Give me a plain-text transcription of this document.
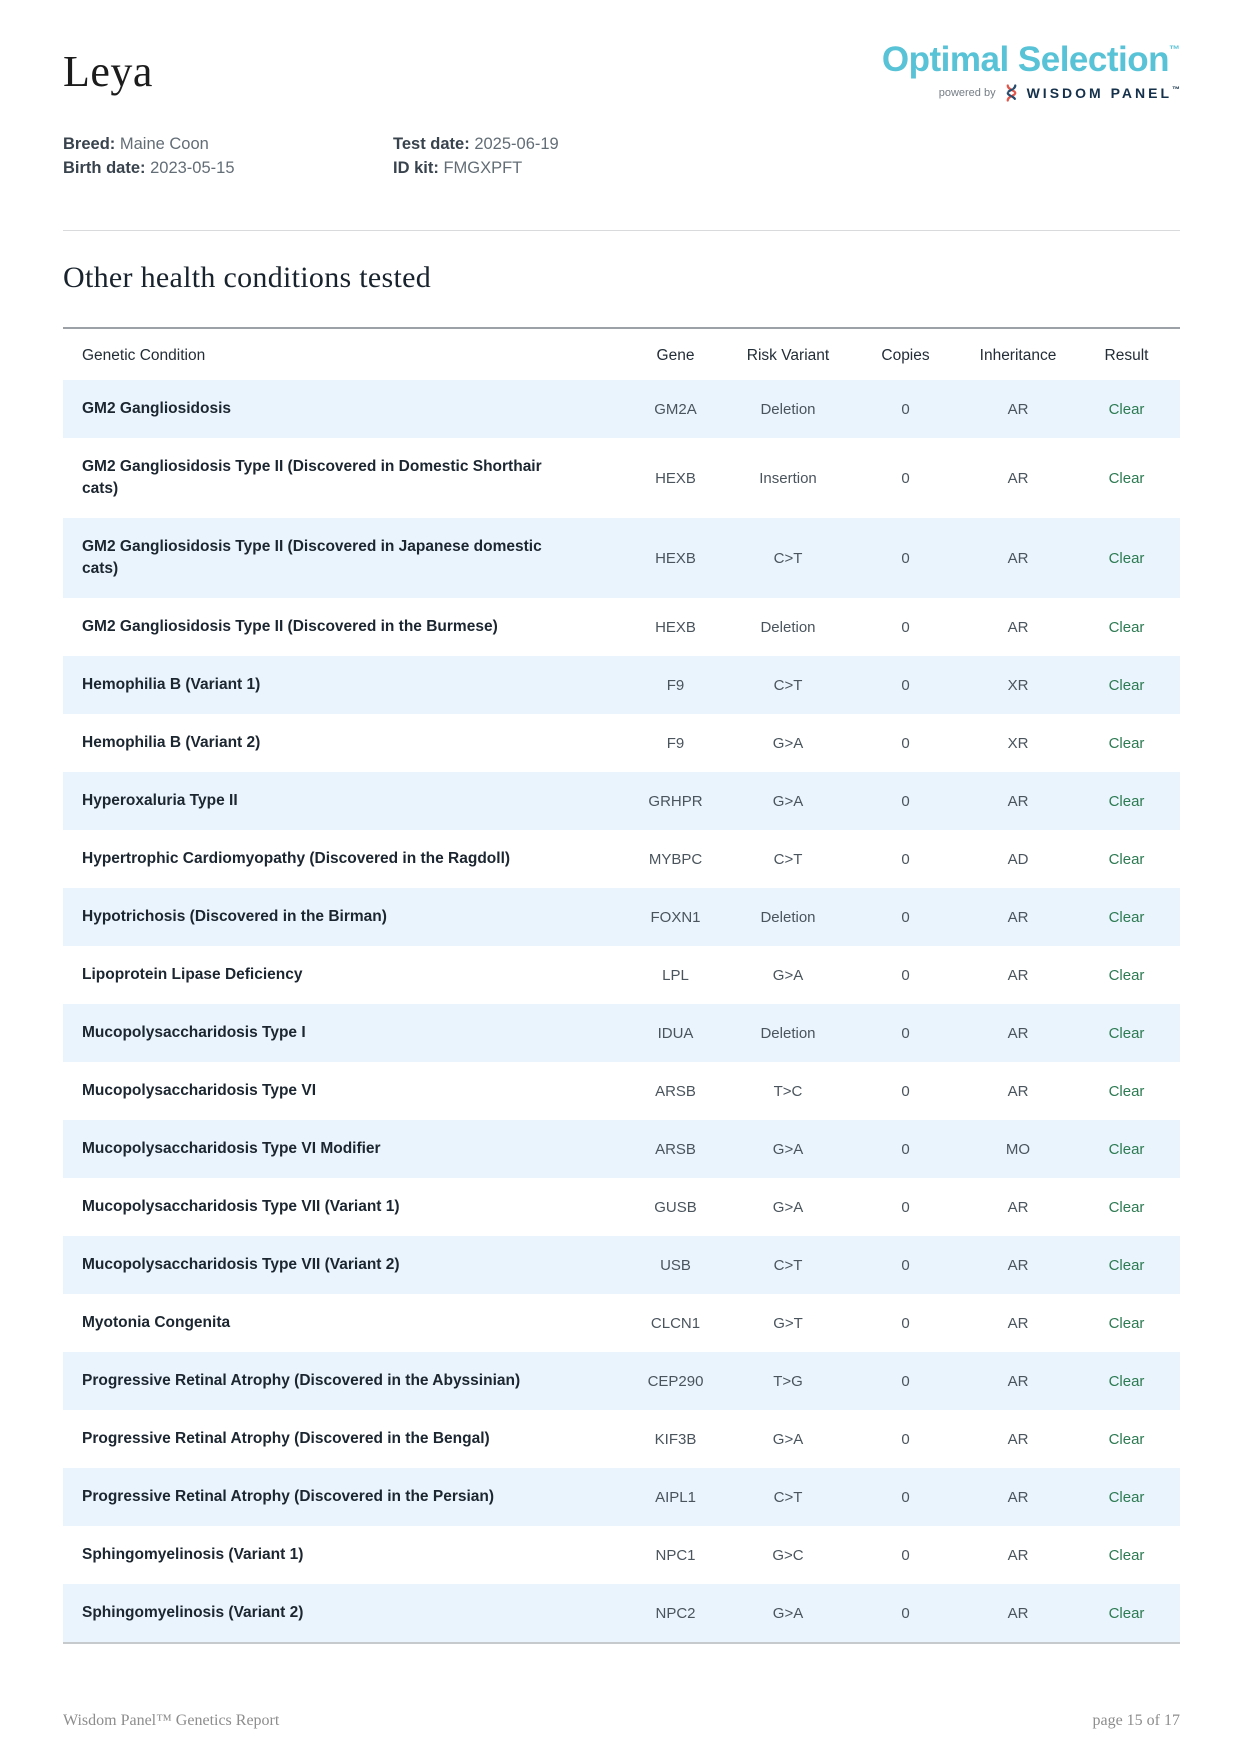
Leya	Optimal Selection™
powered by WISDOM PANEL™
Breed: Maine Coon
Birth date: 2023-05-15
Test date: 2025-06-19
ID kit: FMGXPFT
Other health conditions tested
Genetic Condition	Gene	Risk Variant	Copies	Inheritance	Result
GM2 Gangliosidosis	GM2A	Deletion	0	AR	Clear
GM2 Gangliosidosis Type II (Discovered in Domestic Shorthair cats)	HEXB	Insertion	0	AR	Clear
GM2 Gangliosidosis Type II (Discovered in Japanese domestic cats)	HEXB	C>T	0	AR	Clear
GM2 Gangliosidosis Type II (Discovered in the Burmese)	HEXB	Deletion	0	AR	Clear
Hemophilia B (Variant 1)	F9	C>T	0	XR	Clear
Hemophilia B (Variant 2)	F9	G>A	0	XR	Clear
Hyperoxaluria Type II	GRHPR	G>A	0	AR	Clear
Hypertrophic Cardiomyopathy (Discovered in the Ragdoll)	MYBPC	C>T	0	AD	Clear
Hypotrichosis (Discovered in the Birman)	FOXN1	Deletion	0	AR	Clear
Lipoprotein Lipase Deficiency	LPL	G>A	0	AR	Clear
Mucopolysaccharidosis Type I	IDUA	Deletion	0	AR	Clear
Mucopolysaccharidosis Type VI	ARSB	T>C	0	AR	Clear
Mucopolysaccharidosis Type VI Modifier	ARSB	G>A	0	MO	Clear
Mucopolysaccharidosis Type VII (Variant 1)	GUSB	G>A	0	AR	Clear
Mucopolysaccharidosis Type VII (Variant 2)	USB	C>T	0	AR	Clear
Myotonia Congenita	CLCN1	G>T	0	AR	Clear
Progressive Retinal Atrophy (Discovered in the Abyssinian)	CEP290	T>G	0	AR	Clear
Progressive Retinal Atrophy (Discovered in the Bengal)	KIF3B	G>A	0	AR	Clear
Progressive Retinal Atrophy (Discovered in the Persian)	AIPL1	C>T	0	AR	Clear
Sphingomyelinosis (Variant 1)	NPC1	G>C	0	AR	Clear
Sphingomyelinosis (Variant 2)	NPC2	G>A	0	AR	Clear
Wisdom Panel™ Genetics Report	page 15 of 17
